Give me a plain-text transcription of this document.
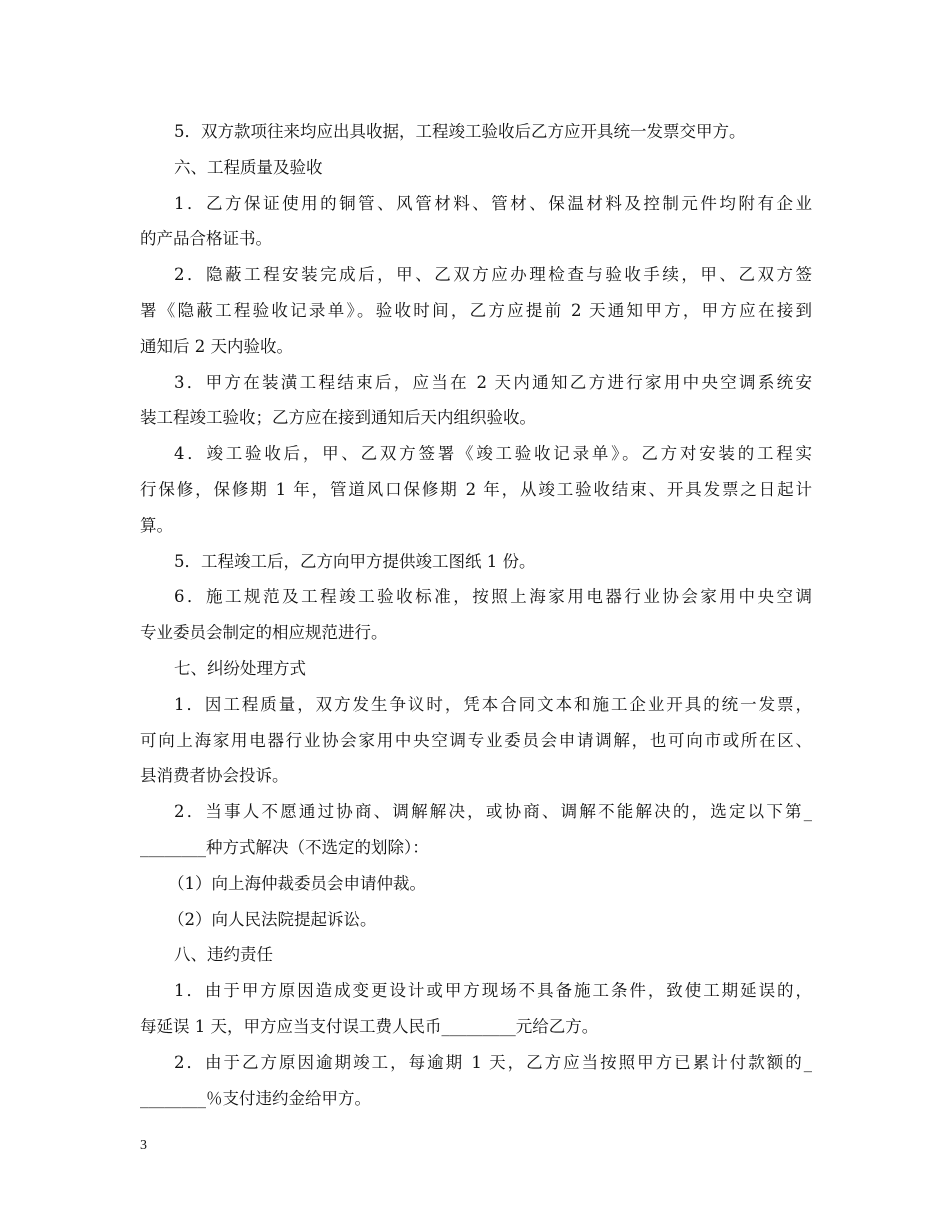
5．双方款项往来均应出具收据，工程竣工验收后乙方应开具统一发票交甲方。
六、工程质量及验收
1．乙方保证使用的铜管、风管材料、管材、保温材料及控制元件均附有企业
的产品合格证书。
2．隐蔽工程安装完成后，甲、乙双方应办理检查与验收手续，甲、乙双方签
署《隐蔽工程验收记录单》。验收时间，乙方应提前 2 天通知甲方，甲方应在接到
通知后 2 天内验收。
3．甲方在装潢工程结束后，应当在 2 天内通知乙方进行家用中央空调系统安
装工程竣工验收；乙方应在接到通知后天内组织验收。
4．竣工验收后，甲、乙双方签署《竣工验收记录单》。乙方对安装的工程实
行保修，保修期 1 年，管道风口保修期 2 年，从竣工验收结束、开具发票之日起计
算。
5．工程竣工后，乙方向甲方提供竣工图纸 1 份。
6．施工规范及工程竣工验收标准，按照上海家用电器行业协会家用中央空调
专业委员会制定的相应规范进行。
七、纠纷处理方式
1．因工程质量，双方发生争议时，凭本合同文本和施工企业开具的统一发票，
可向上海家用电器行业协会家用中央空调专业委员会申请调解，也可向市或所在区、
县消费者协会投诉。
2．当事人不愿通过协商、调解解决，或协商、调解不能解决的，选定以下第_
________种方式解决（不选定的划除）：
（1）向上海仲裁委员会申请仲裁。
（2）向人民法院提起诉讼。
八、违约责任
1．由于甲方原因造成变更设计或甲方现场不具备施工条件，致使工期延误的，
每延误 1 天，甲方应当支付误工费人民币_________元给乙方。
2．由于乙方原因逾期竣工，每逾期 1 天，乙方应当按照甲方已累计付款额的_
________％支付违约金给甲方。
3
